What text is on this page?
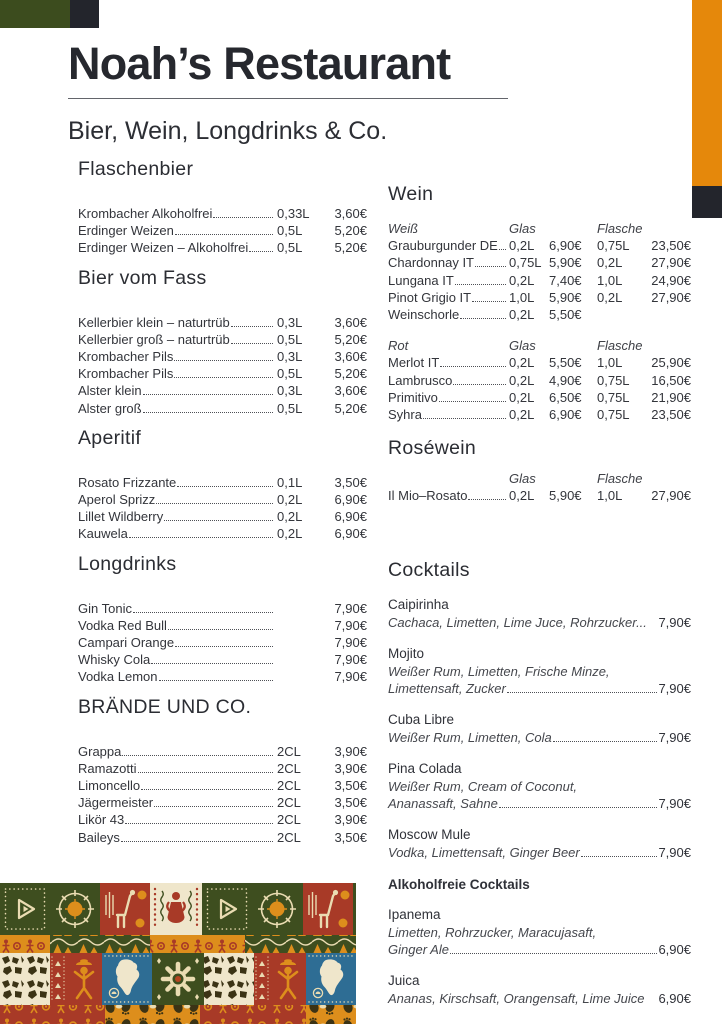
Noah’s Restaurant
Bier, Wein, Longdrinks & Co.
Flaschenbier
Krombacher Alkoholfrei	0,33L	3,60€
Erdinger Weizen	0,5L	5,20€
Erdinger Weizen – Alkoholfrei 0,5L	5,20€
Bier vom Fass
Kellerbier klein – naturtrüb	0,3L	3,60€
Kellerbier groß – naturtrüb	0,5L	5,20€
Krombacher Pils	0,3L	3,60€
Krombacher Pils	0,5L	5,20€
Alster klein	0,3L	3,60€
Alster groß	0,5L	5,20€
Aperitif
Rosato Frizzante	0,1L	3,50€
Aperol Sprizz	0,2L	6,90€
Lillet Wildberry	0,2L	6,90€
Kauwela	0,2L	6,90€
Longdrinks
Gin Tonic	7,90€
Vodka Red Bull	7,90€
Campari Orange	7,90€
Whisky Cola	7,90€
Vodka Lemon	7,90€
BRÄNDE UND CO.
Grappa	2CL	3,90€
Ramazotti	2CL	3,90€
Limoncello	2CL	3,50€
Jägermeister	2CL	3,50€
Likör 43	2CL	3,90€
Baileys	2CL	3,50€
Wein
Weiß	Glas	Flasche
Grauburgunder DE 0,2L	6,90€	0,75L	23,50€
Chardonnay IT	0,75L 5,90€	0,2L	27,90€
Lungana IT	0,2L	7,40€	1,0L	24,90€
Pinot Grigio IT	1,0L	5,90€	0,2L	27,90€
Weinschorle	0,2L	5,50€
Rot	Glas	Flasche
Merlot IT	0,2L	5,50€	1,0L	25,90€
Lambrusco	0,2L	4,90€	0,75L	16,50€
Primitivo	0,2L	6,50€	0,75L	21,90€
Syhra	0,2L	6,90€	0,75L	23,50€
Roséwein
Glas	Flasche
Il Mio–Rosato	0,2L	5,90€	1,0L	27,90€
Cocktails
Caipirinha
Cachaca, Limetten, Lime Juce, Rohrzucker... 7,90€
Mojito
Weißer Rum, Limetten, Frische Minze,
Limettensaft, Zucker	7,90€
Cuba Libre
Weißer Rum, Limetten, Cola	7,90€
Pina Colada
Weißer Rum, Cream of Coconut,
Ananassaft, Sahne	7,90€
Moscow Mule
Vodka, Limettensaft, Ginger Beer	7,90€
Alkoholfreie Cocktails
Ipanema
Limetten, Rohrzucker, Maracujasaft,
Ginger Ale	6,90€
Juica
Ananas, Kirschsaft, Orangensaft, Lime Juice 6,90€
